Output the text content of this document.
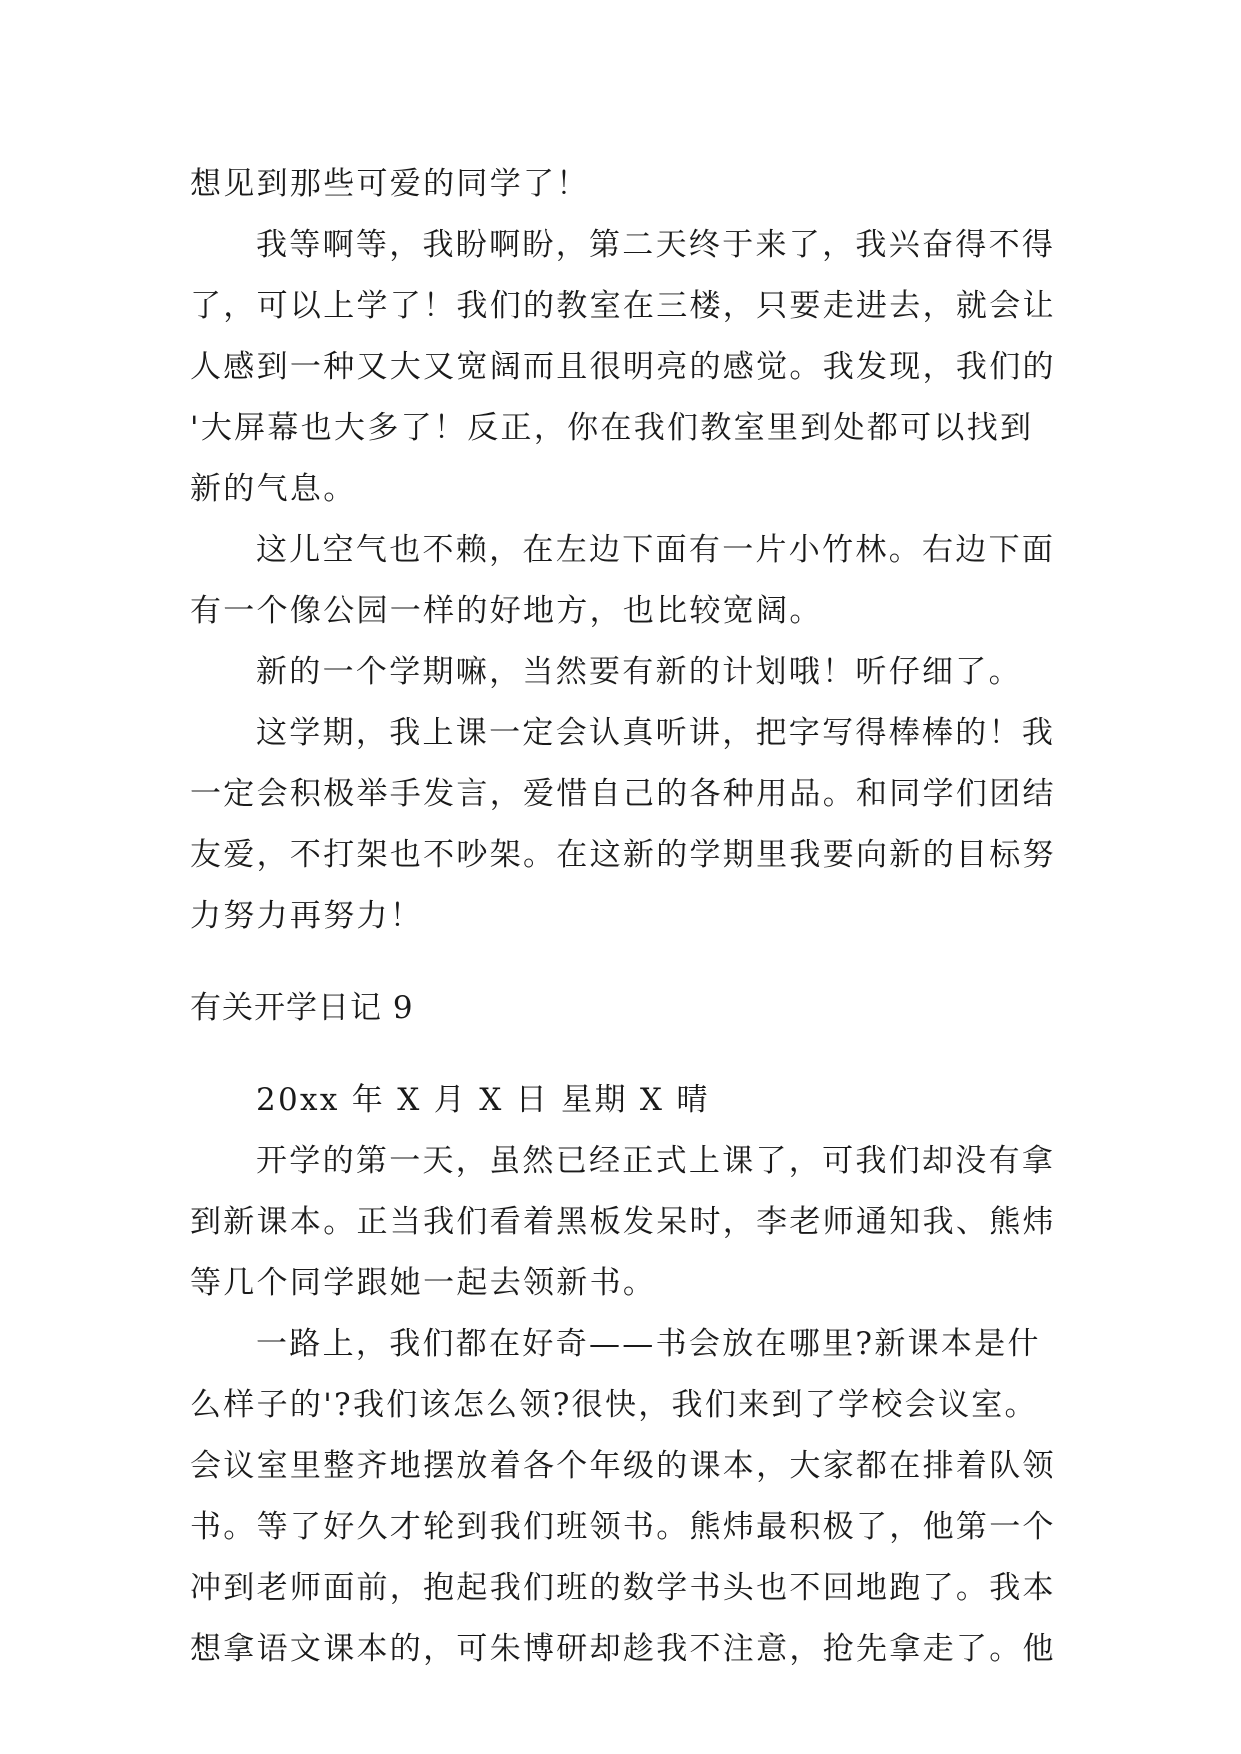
想见到那些可爱的同学了！

我等啊等，我盼啊盼，第二天终于来了，我兴奋得不得

了，可以上学了！我们的教室在三楼，只要走进去，就会让

人感到一种又大又宽阔而且很明亮的感觉。我发现，我们的

'大屏幕也大多了！反正，你在我们教室里到处都可以找到

新的气息。

这儿空气也不赖，在左边下面有一片小竹林。右边下面

有一个像公园一样的好地方，也比较宽阔。

新的一个学期嘛，当然要有新的计划哦！听仔细了。

这学期，我上课一定会认真听讲，把字写得棒棒的！我

一定会积极举手发言，爱惜自己的各种用品。和同学们团结

友爱，不打架也不吵架。在这新的学期里我要向新的目标努

力努力再努力！

有关开学日记 9

20xx 年 X 月 X 日 星期 X 晴

开学的第一天，虽然已经正式上课了，可我们却没有拿

到新课本。正当我们看着黑板发呆时，李老师通知我、熊炜

等几个同学跟她一起去领新书。

一路上，我们都在好奇——书会放在哪里?新课本是什

么样子的'?我们该怎么领?很快，我们来到了学校会议室。

会议室里整齐地摆放着各个年级的课本，大家都在排着队领

书。等了好久才轮到我们班领书。熊炜最积极了，他第一个

冲到老师面前，抱起我们班的数学书头也不回地跑了。我本

想拿语文课本的，可朱博研却趁我不注意，抢先拿走了。他
